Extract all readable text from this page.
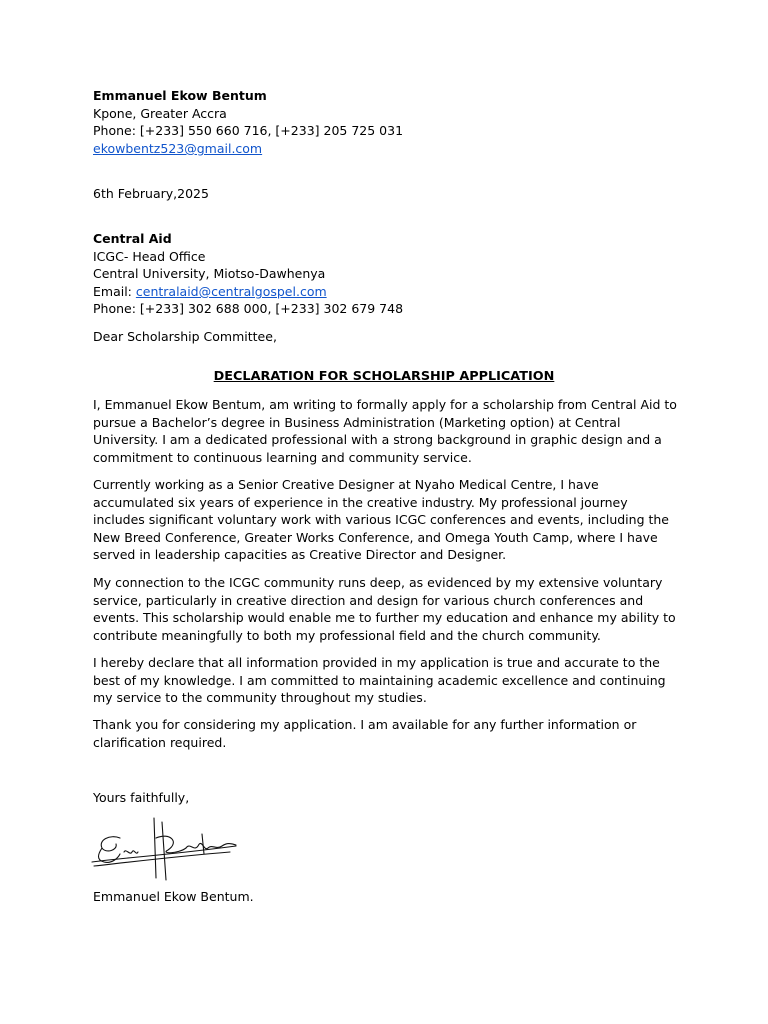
Emmanuel Ekow Bentum

Kpone, Greater Accra

Phone: [+233] 550 660 716, [+233] 205 725 031

ekowbentz523@gmail.com

6th February,2025

Central Aid

ICGC- Head Office

Central University, Miotso-Dawhenya

Email: centralaid@centralgospel.com

Phone: [+233] 302 688 000, [+233] 302 679 748

Dear Scholarship Committee,

DECLARATION FOR SCHOLARSHIP APPLICATION

I, Emmanuel Ekow Bentum, am writing to formally apply for a scholarship from Central Aid to pursue a Bachelor’s degree in Business Administration (Marketing option) at Central University. I am a dedicated professional with a strong background in graphic design and a commitment to continuous learning and community service.

Currently working as a Senior Creative Designer at Nyaho Medical Centre, I have accumulated six years of experience in the creative industry. My professional journey includes significant voluntary work with various ICGC conferences and events, including the New Breed Conference, Greater Works Conference, and Omega Youth Camp, where I have served in leadership capacities as Creative Director and Designer.

My connection to the ICGC community runs deep, as evidenced by my extensive voluntary service, particularly in creative direction and design for various church conferences and events. This scholarship would enable me to further my education and enhance my ability to contribute meaningfully to both my professional field and the church community.

I hereby declare that all information provided in my application is true and accurate to the best of my knowledge. I am committed to maintaining academic excellence and continuing my service to the community throughout my studies.

Thank you for considering my application. I am available for any further information or clarification required.

Yours faithfully,

Emmanuel Ekow Bentum.
